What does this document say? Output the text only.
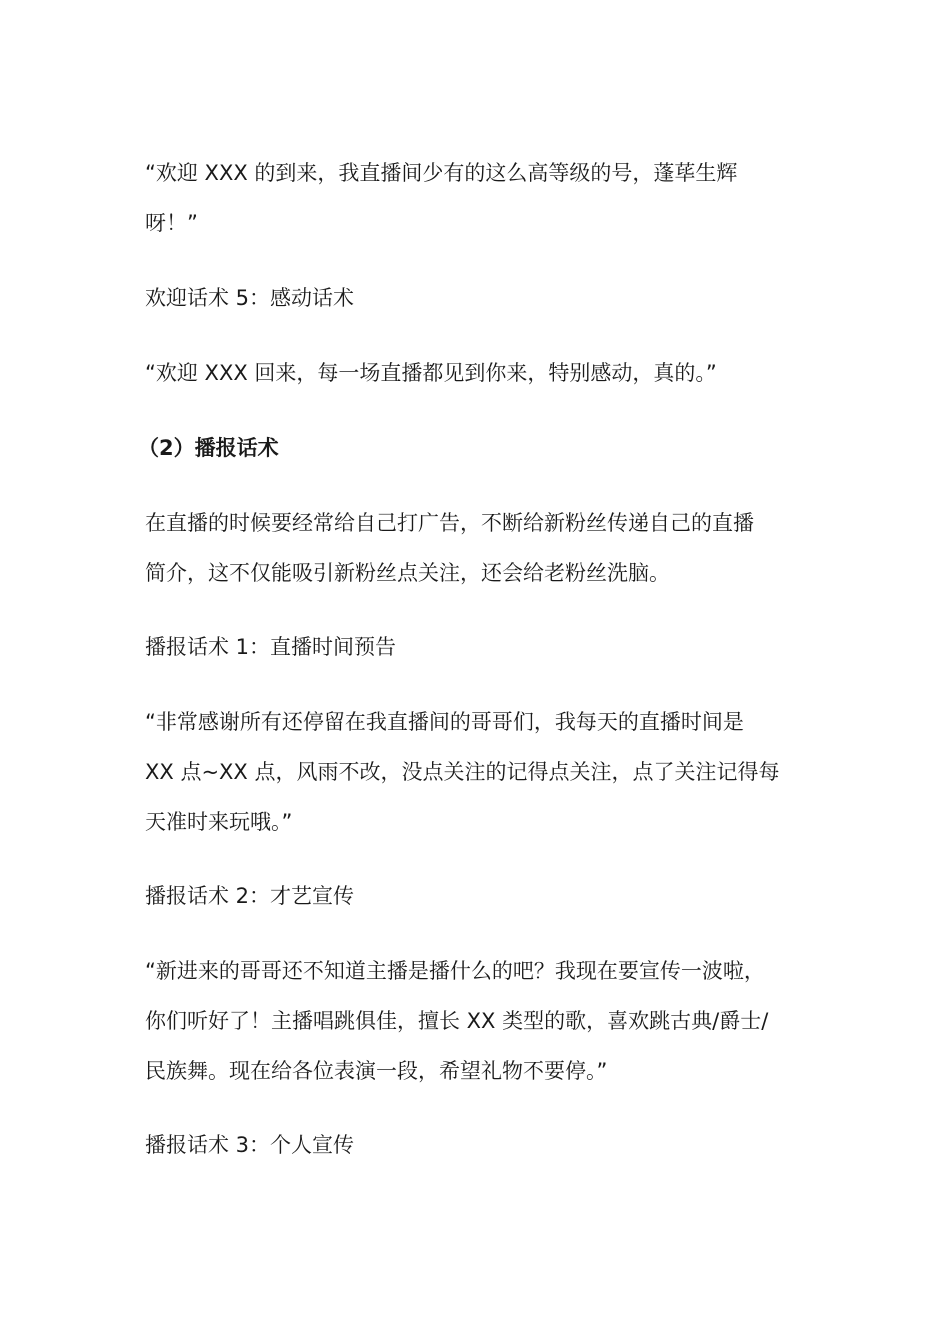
“欢迎 XXX 的到来，我直播间少有的这么高等级的号，蓬荜生辉
呀！”
欢迎话术 5：感动话术
“欢迎 XXX 回来，每一场直播都见到你来，特别感动，真的。”
（2）播报话术
在直播的时候要经常给自己打广告，不断给新粉丝传递自己的直播
简介，这不仅能吸引新粉丝点关注，还会给老粉丝洗脑。
播报话术 1：直播时间预告
“非常感谢所有还停留在我直播间的哥哥们，我每天的直播时间是
XX 点~XX 点，风雨不改，没点关注的记得点关注，点了关注记得每
天准时来玩哦。”
播报话术 2：才艺宣传
“新进来的哥哥还不知道主播是播什么的吧？我现在要宣传一波啦，
你们听好了！主播唱跳俱佳，擅长 XX 类型的歌，喜欢跳古典/爵士/
民族舞。现在给各位表演一段，希望礼物不要停。”
播报话术 3：个人宣传
